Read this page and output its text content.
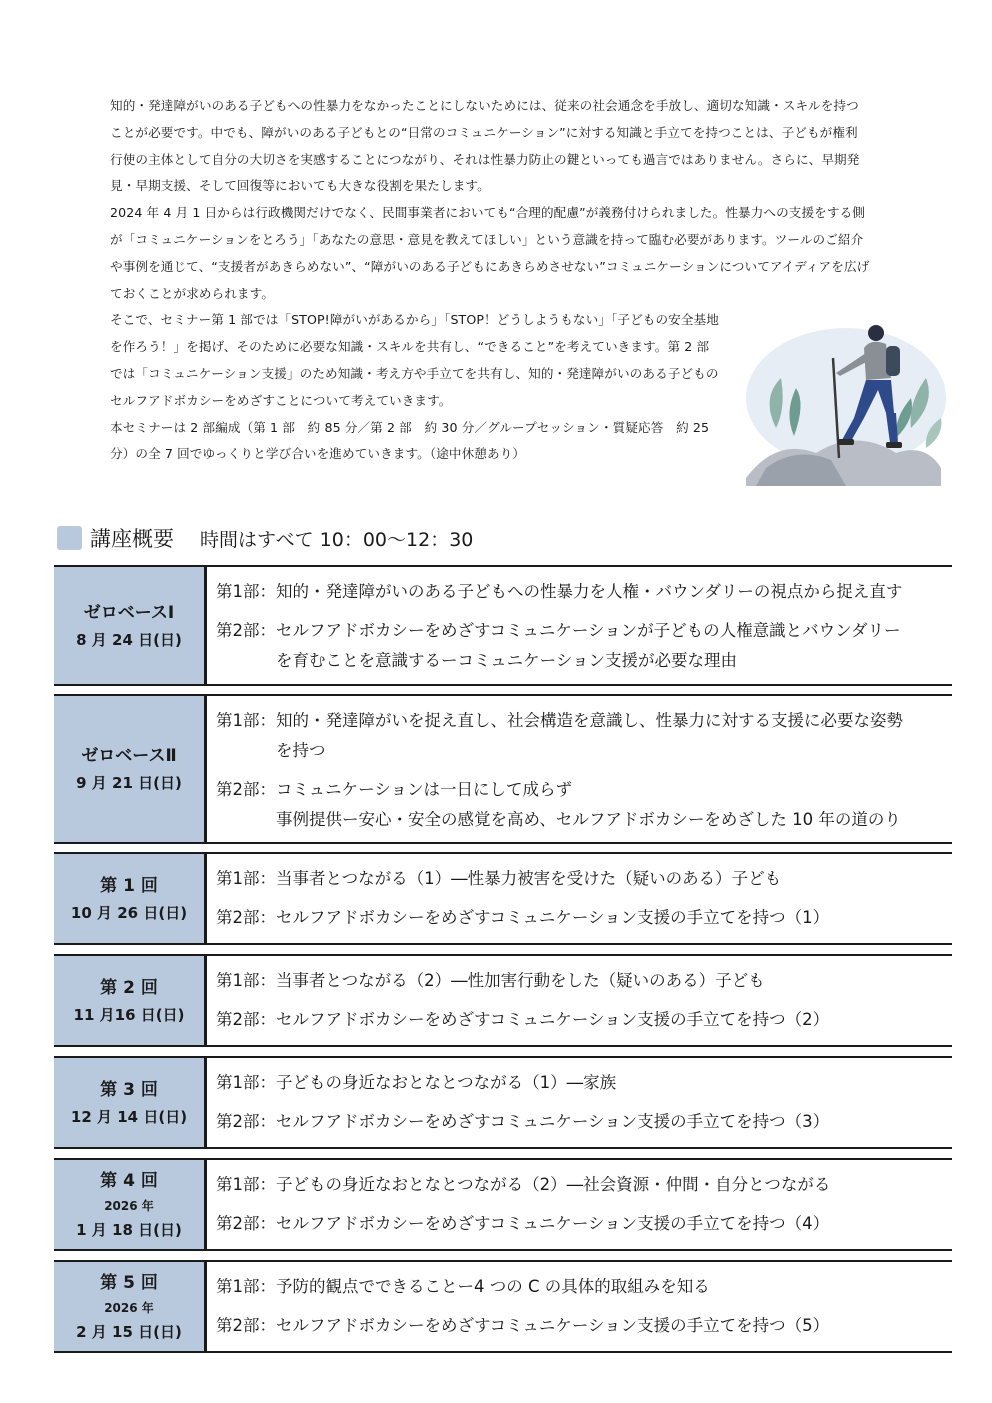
知的・発達障がいのある子どもへの性暴力をなかったことにしないためには、従来の社会通念を手放し、適切な知識・スキルを持つことが必要です。中でも、障がいのある子どもとの“日常のコミュニケーション”に対する知識と手立てを持つことは、子どもが権利行使の主体として自分の大切さを実感することにつながり、それは性暴力防止の鍵といっても過言ではありません。さらに、早期発見・早期支援、そして回復等においても大きな役割を果たします。

2024 年 4 月 1 日からは行政機関だけでなく、民間事業者においても“合理的配慮”が義務付けられました。性暴力への支援をする側が「コミュニケーションをとろう」「あなたの意思・意見を教えてほしい」という意識を持って臨む必要があります。ツールのご紹介や事例を通じて、“支援者があきらめない”、“障がいのある子どもにあきらめさせない”コミュニケーションについてアイディアを広げておくことが求められます。

そこで、セミナー第 1 部では「STOP!障がいがあるから」「STOP！どうしようもない」「子どもの安全基地を作ろう！」を掲げ、そのために必要な知識・スキルを共有し、“できること”を考えていきます。第 2 部では「コミュニケーション支援」のため知識・考え方や手立てを共有し、知的・発達障がいのある子どものセルフアドボカシーをめざすことについて考えていきます。

本セミナーは 2 部編成（第 1 部　約 85 分／第 2 部　約 30 分／グループセッション・質疑応答　約 25 分）の全 7 回でゆっくりと学び合いを進めていきます。（途中休憩あり）

講座概要 時間はすべて 10：00～12：30
ゼロベースⅠ
8 月 24 日(日)
第1部： 知的・発達障がいのある子どもへの性暴力を人権・バウンダリーの視点から捉え直す
第2部： セルフアドボカシーをめざすコミュニケーションが子どもの人権意識とバウンダリー
を育むことを意識するーコミュニケーション支援が必要な理由
ゼロベースⅡ
9 月 21 日(日)
第1部： 知的・発達障がいを捉え直し、社会構造を意識し、性暴力に対する支援に必要な姿勢
を持つ
第2部： コミュニケーションは一日にして成らず
事例提供ー安心・安全の感覚を高め、セルフアドボカシーをめざした 10 年の道のり
第 1 回
10 月 26 日(日)
第1部： 当事者とつながる（1）―性暴力被害を受けた（疑いのある）子ども
第2部： セルフアドボカシーをめざすコミュニケーション支援の手立てを持つ（1）
第 2 回
11 月16 日(日)
第1部： 当事者とつながる（2）―性加害行動をした（疑いのある）子ども
第2部： セルフアドボカシーをめざすコミュニケーション支援の手立てを持つ（2）
第 3 回
12 月 14 日(日)
第1部： 子どもの身近なおとなとつながる（1）―家族
第2部： セルフアドボカシーをめざすコミュニケーション支援の手立てを持つ（3）
第 4 回
2026 年
1 月 18 日(日)
第1部： 子どもの身近なおとなとつながる（2）―社会資源・仲間・自分とつながる
第2部： セルフアドボカシーをめざすコミュニケーション支援の手立てを持つ（4）
第 5 回
2026 年
2 月 15 日(日)
第1部： 予防的観点でできることー4 つの C の具体的取組みを知る
第2部： セルフアドボカシーをめざすコミュニケーション支援の手立てを持つ（5）
